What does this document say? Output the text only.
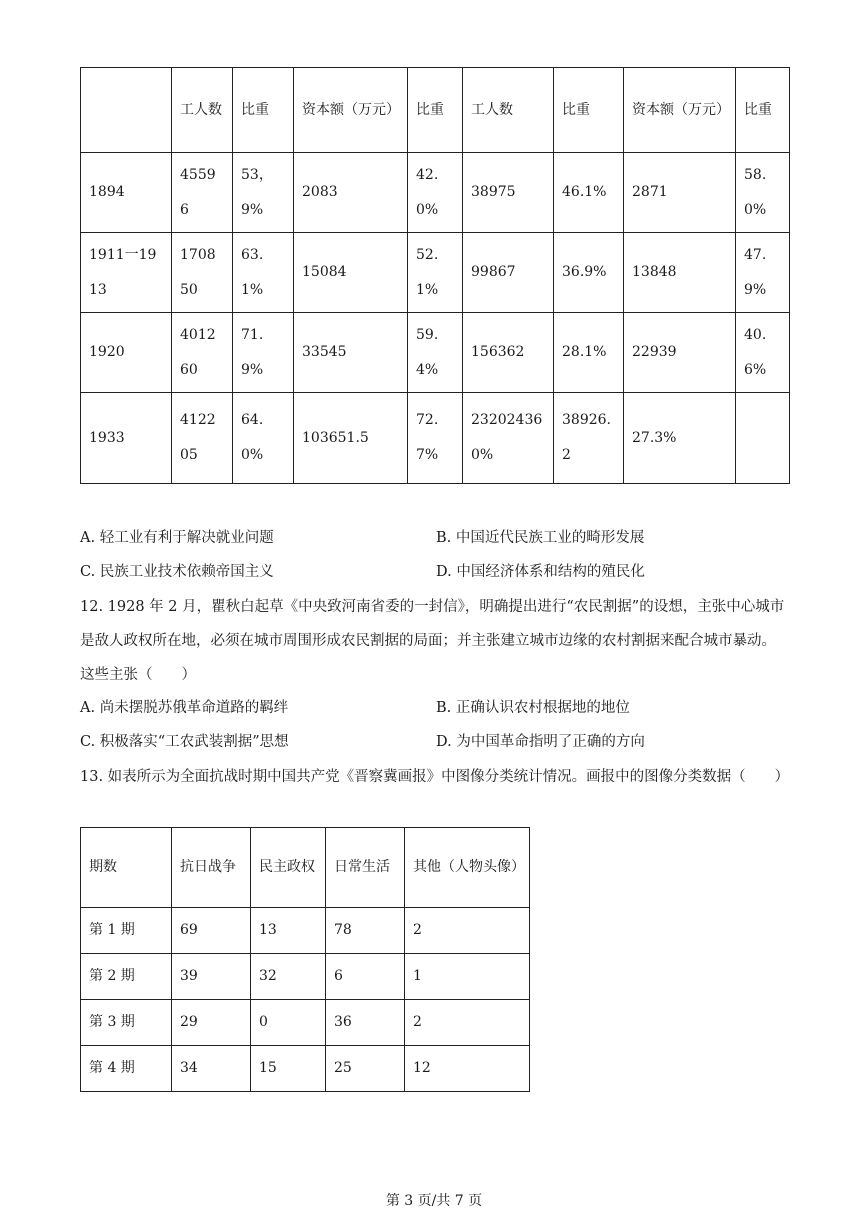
	工人数	比重	资本额（万元）	比重	工人数	比重	资本额（万元）	比重
1894	45596	53，9%	2083	42.0%	38975	46.1%	2871	58.0%
1911一1913	170850	63.1%	15084	52.1%	99867	36.9%	13848	47.9%
1920	401260	71.9%	33545	59.4%	156362	28.1%	22939	40.6%
1933	412205	64.0%	103651.5	72.7%	232024360%	38926.2	27.3%	
A. 轻工业有利于解决就业问题	B. 中国近代民族工业的畸形发展
C. 民族工业技术依赖帝国主义	D. 中国经济体系和结构的殖民化
12. 1928 年 2 月，瞿秋白起草《中央致河南省委的一封信》，明确提出进行“农民割据”的设想，主张中心城市是敌人政权所在地，必须在城市周围形成农民割据的局面；并主张建立城市边缘的农村割据来配合城市暴动。这些主张（　　）
A. 尚未摆脱苏俄革命道路的羁绊	B. 正确认识农村根据地的地位
C. 积极落实“工农武装割据”思想	D. 为中国革命指明了正确的方向
13. 如表所示为全面抗战时期中国共产党《晋察冀画报》中图像分类统计情况。画报中的图像分类数据（　　）
期数	抗日战争	民主政权	日常生活	其他（人物头像）
第 1 期	69	13	78	2
第 2 期	39	32	6	1
第 3 期	29	0	36	2
第 4 期	34	15	25	12
第 3 页/共 7 页
